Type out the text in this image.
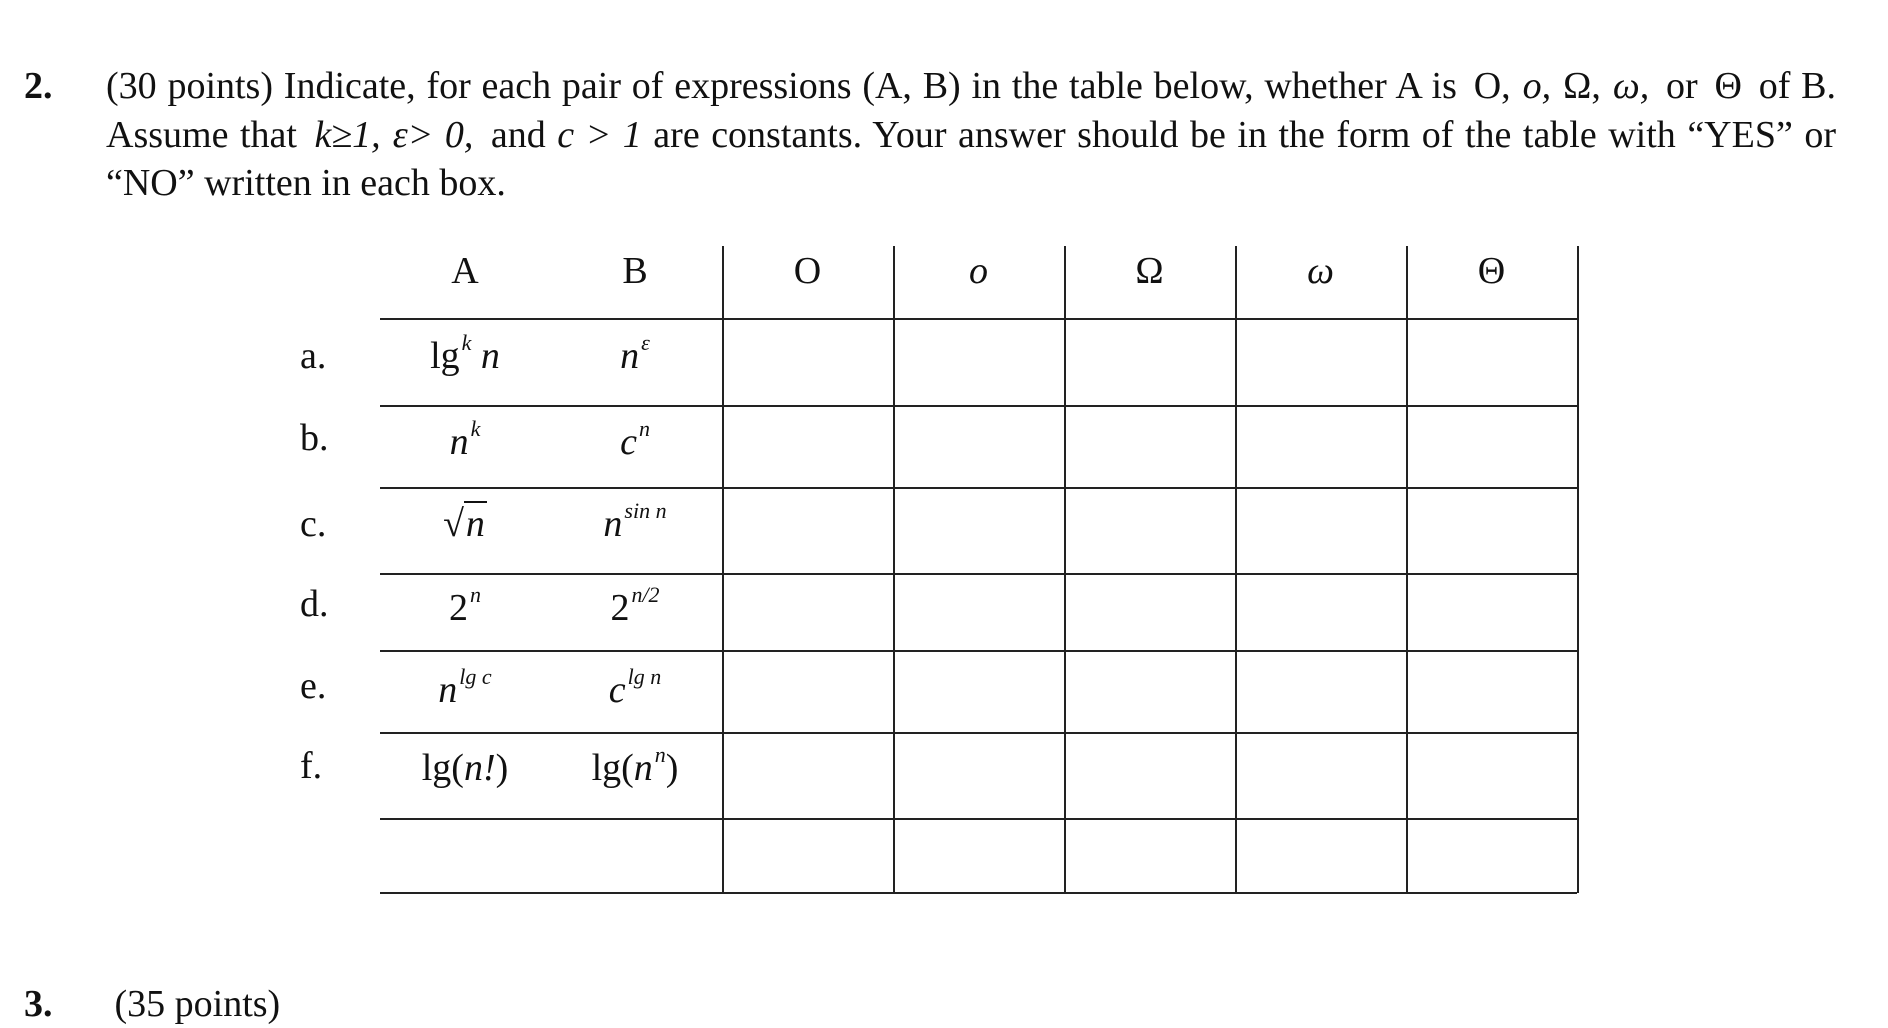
2. (30 points) Indicate, for each pair of expressions (A, B) in the table below, whether A is O, o, Ω, ω, or Θ of B. Assume that k≥1, ε> 0, and c > 1 are constants. Your answer should be in the form of the table with “YES” or “NO” written in each box.
A	B	O	o	Ω	ω	Θ
a.	$\lg^k n$	$n^\varepsilon$
b.	$n^k$	$c^n$
c.	√n	$n^{sin n}$
d.	2$^n$	$2^{n/2}$
e.	$n^{lg c}$	$c^{lg n}$
f.	lg(n!)	$\lg(n^n)$
3. (35 points)
